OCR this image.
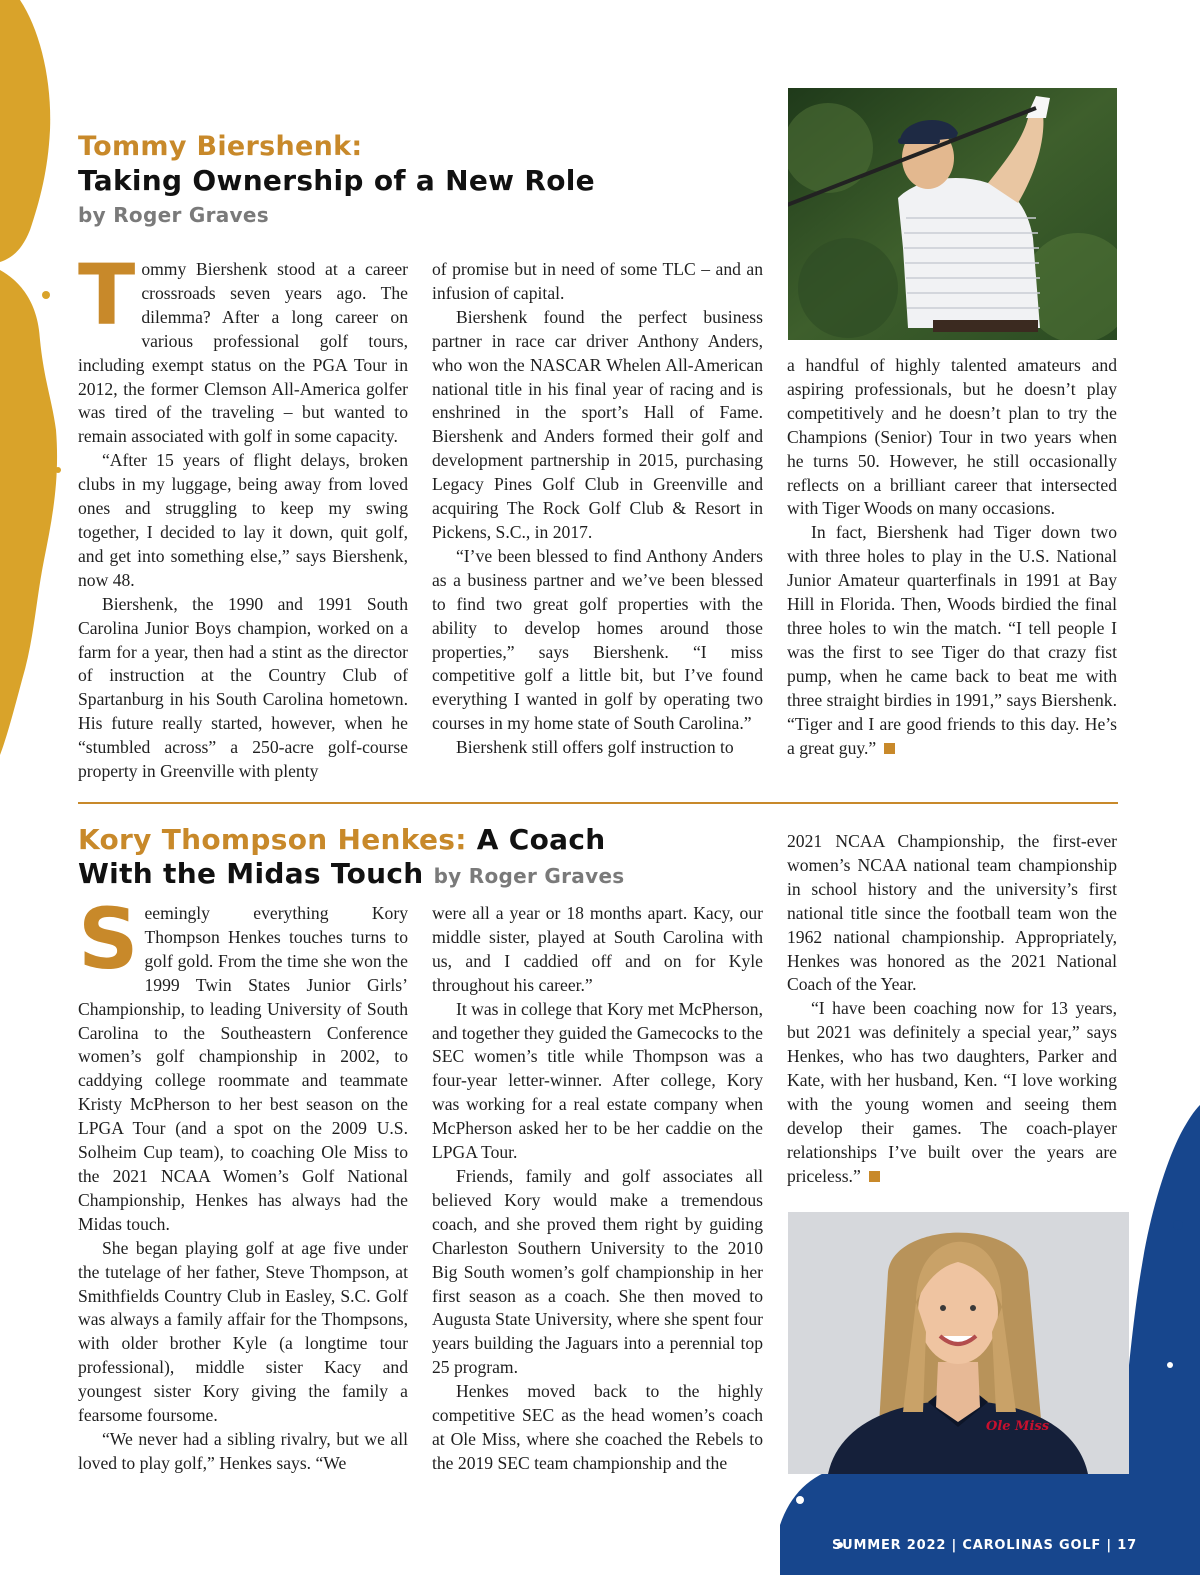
Tommy Biershenk:
Taking Ownership of a New Role
by Roger Graves

Tommy Biershenk stood at a career crossroads seven years ago. The dilemma? After a long career on various professional golf tours, including exempt status on the PGA Tour in 2012, the former Clemson All-America golfer was tired of the traveling – but wanted to remain associated with golf in some capacity.

“After 15 years of flight delays, broken clubs in my luggage, being away from loved ones and struggling to keep my swing together, I decided to lay it down, quit golf, and get into something else,” says Biershenk, now 48.

Biershenk, the 1990 and 1991 South Carolina Junior Boys champion, worked on a farm for a year, then had a stint as the director of instruction at the Country Club of Spartanburg in his South Carolina hometown. His future really started, however, when he “stumbled across” a 250-acre golf-course property in Greenville with plenty

of promise but in need of some TLC – and an infusion of capital.

Biershenk found the perfect business partner in race car driver Anthony Anders, who won the NASCAR Whelen All-American national title in his final year of racing and is enshrined in the sport’s Hall of Fame. Biershenk and Anders formed their golf and development partnership in 2015, purchasing Legacy Pines Golf Club in Greenville and acquiring The Rock Golf Club & Resort in Pickens, S.C., in 2017.

“I’ve been blessed to find Anthony Anders as a business partner and we’ve been blessed to find two great golf properties with the ability to develop homes around those properties,” says Biershenk. “I miss competitive golf a little bit, but I’ve found everything I wanted in golf by operating two courses in my home state of South Carolina.”

Biershenk still offers golf instruction to

a handful of highly talented amateurs and aspiring professionals, but he doesn’t play competitively and he doesn’t plan to try the Champions (Senior) Tour in two years when he turns 50. However, he still occasionally reflects on a brilliant career that intersected with Tiger Woods on many occasions.

In fact, Biershenk had Tiger down two with three holes to play in the U.S. National Junior Amateur quarterfinals in 1991 at Bay Hill in Florida. Then, Woods birdied the final three holes to win the match. “I tell people I was the first to see Tiger do that crazy fist pump, when he came back to beat me with three straight birdies in 1991,” says Biershenk. “Tiger and I are good friends to this day. He’s a great guy.”

Kory Thompson Henkes: A Coach
With the Midas Touch by Roger Graves

Seemingly everything Kory Thompson Henkes touches turns to golf gold. From the time she won the 1999 Twin States Junior Girls’ Championship, to leading University of South Carolina to the Southeastern Conference women’s golf championship in 2002, to caddying college roommate and teammate Kristy McPherson to her best season on the LPGA Tour (and a spot on the 2009 U.S. Solheim Cup team), to coaching Ole Miss to the 2021 NCAA Women’s Golf National Championship, Henkes has always had the Midas touch.

She began playing golf at age five under the tutelage of her father, Steve Thompson, at Smithfields Country Club in Easley, S.C. Golf was always a family affair for the Thompsons, with older brother Kyle (a longtime tour professional), middle sister Kacy and youngest sister Kory giving the family a fearsome foursome.

“We never had a sibling rivalry, but we all loved to play golf,” Henkes says. “We

were all a year or 18 months apart. Kacy, our middle sister, played at South Carolina with us, and I caddied off and on for Kyle throughout his career.”

It was in college that Kory met McPherson, and together they guided the Gamecocks to the SEC women’s title while Thompson was a four-year letter-winner. After college, Kory was working for a real estate company when McPherson asked her to be her caddie on the LPGA Tour.

Friends, family and golf associates all believed Kory would make a tremendous coach, and she proved them right by guiding Charleston Southern University to the 2010 Big South women’s golf championship in her first season as a coach. She then moved to Augusta State University, where she spent four years building the Jaguars into a perennial top 25 program.

Henkes moved back to the highly competitive SEC as the head women’s coach at Ole Miss, where she coached the Rebels to the 2019 SEC team championship and the

2021 NCAA Championship, the first-ever women’s NCAA national team championship in school history and the university’s first national title since the football team won the 1962 national championship. Appropriately, Henkes was honored as the 2021 National Coach of the Year.

“I have been coaching now for 13 years, but 2021 was definitely a special year,” says Henkes, who has two daughters, Parker and Kate, with her husband, Ken. “I love working with the young women and seeing them develop their games. The coach-player relationships I’ve built over the years are priceless.”

Ole Miss
SUMMER 2022 | CAROLINAS GOLF | 17
